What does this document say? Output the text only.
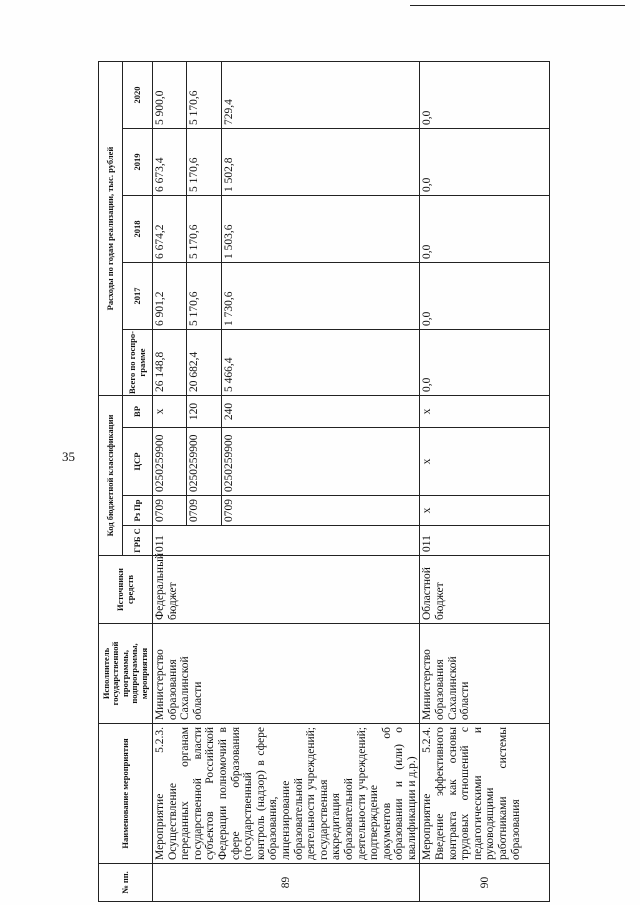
35
№ пп.	Наименование мероприятия	Исполнитель государственной программы, подпрограммы, мероприятия	Источники средств	Код бюджетной классификации				Расходы по годам реализации, тыс. рублей				
				ГРБ С	Рз Пр	ЦСР	ВР	Всего по госпро- грамме	2017	2018	2019	2020
89	Мероприятие 5.2.3. Осуществление переданных органам государственной власти субъектов Российской Федерации полномочий в сфере образования (государственный контроль (надзор) в сфере образования, лицензирование образовательной деятельности учреждений; государственная аккредитация образовательной деятельности учреждений; подтверждение документов об образовании и (или) о квалификации и д.р.)	Министерство образования Сахалинской области	Федеральный бюджет	011	0709	0250259900	х	26 148,8	6 901,2	6 674,2	6 673,4	5 900,0
					0709	0250259900	120	20 682,4	5 170,6	5 170,6	5 170,6	5 170,6
					0709	0250259900	240	5 466,4	1 730,6	1 503,6	1 502,8	729,4
90	Мероприятие 5.2.4. Введение эффективного контракта как основы трудовых отношений с педагогическими и руководящими работниками системы образования	Министерство образования Сахалинской области	Областной бюджет	011	х	х	х	0,0	0,0	0,0	0,0	0,0
